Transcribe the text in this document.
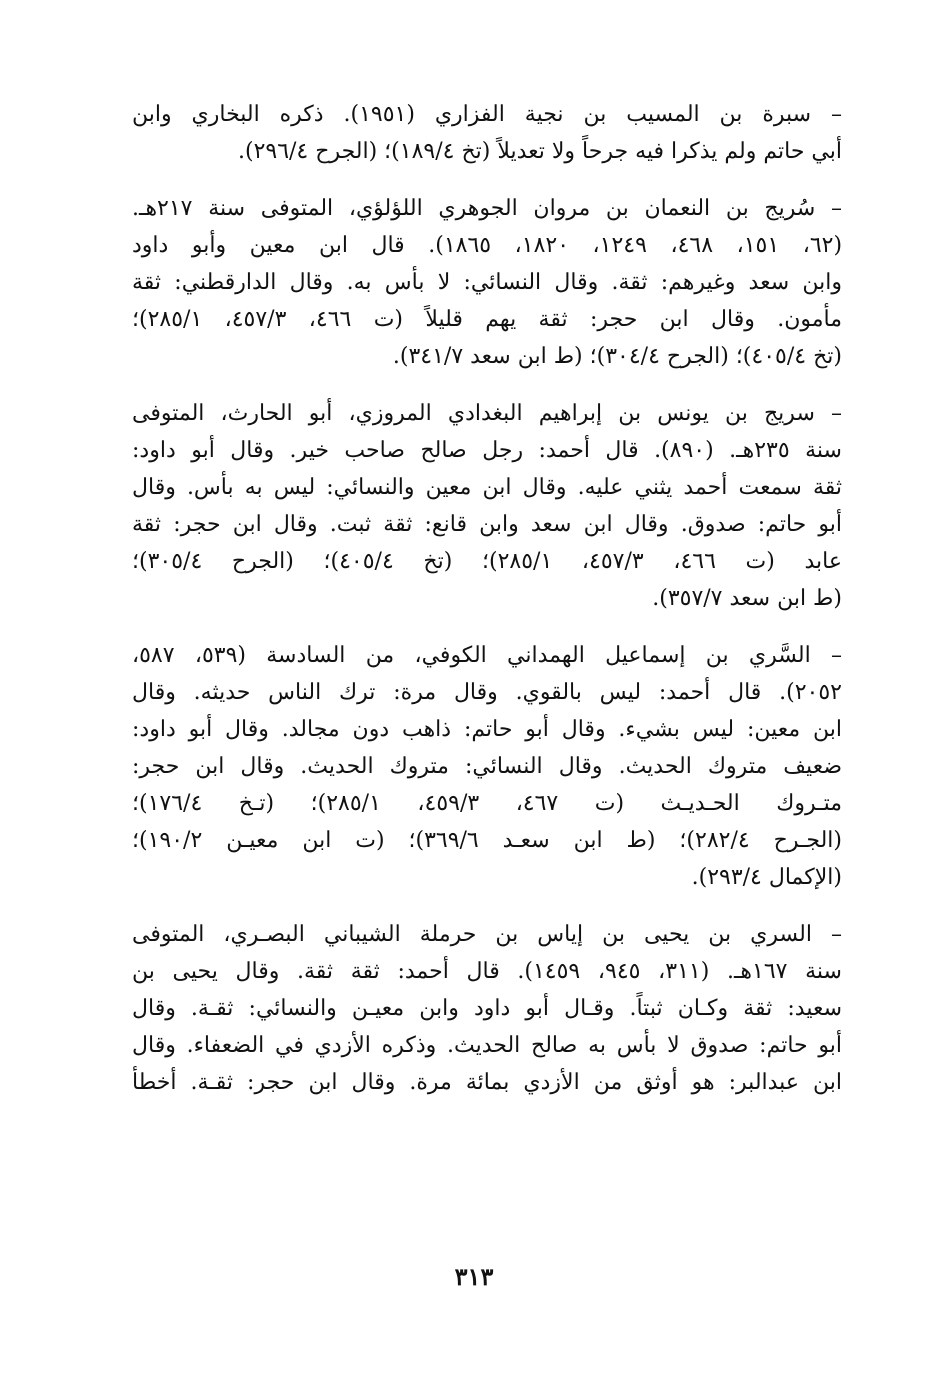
– سبرة بن المسيب بن نجية الفزاري (١٩٥١). ذكره البخاري وابن
أبي حاتم ولم يذكرا فيه جرحاً ولا تعديلاً (تخ ١٨٩/٤)؛ (الجرح ٢٩٦/٤).
– سُريج بن النعمان بن مروان الجوهري اللؤلؤي، المتوفى سنة ٢١٧هـ.
(٦٢، ١٥١، ٤٦٨، ١٢٤٩، ١٨٢٠، ١٨٦٥). قال ابن معين وأبو داود
وابن سعد وغيرهم: ثقة. وقال النسائي: لا بأس به. وقال الدارقطني: ثقة
مأمون. وقال ابن حجر: ثقة يهم قليلاً (ت ٤٦٦، ٤٥٧/٣، ٢٨٥/١)؛
(تخ ٤٠٥/٤)؛ (الجرح ٣٠٤/٤)؛ (ط ابن سعد ٣٤١/٧).
– سريج بن يونس بن إبراهيم البغدادي المروزي، أبو الحارث، المتوفى
سنة ٢٣٥هـ. (٨٩٠). قال أحمد: رجل صالح صاحب خير. وقال أبو داود:
ثقة سمعت أحمد يثني عليه. وقال ابن معين والنسائي: ليس به بأس. وقال
أبو حاتم: صدوق. وقال ابن سعد وابن قانع: ثقة ثبت. وقال ابن حجر: ثقة
عابد (ت ٤٦٦، ٤٥٧/٣، ٢٨٥/١)؛ (تخ ٤٠٥/٤)؛ (الجرح ٣٠٥/٤)؛
(ط ابن سعد ٣٥٧/٧).
– السَّري بن إسماعيل الهمداني الكوفي، من السادسة (٥٣٩، ٥٨٧،
٢٠٥٢). قال أحمد: ليس بالقوي. وقال مرة: ترك الناس حديثه. وقال
ابن معين: ليس بشيء. وقال أبو حاتم: ذاهب دون مجالد. وقال أبو داود:
ضعيف متروك الحديث. وقال النسائي: متروك الحديث. وقال ابن حجر:
متـروك الحـديـث (ت ٤٦٧، ٤٥٩/٣، ٢٨٥/١)؛ (تـخ ١٧٦/٤)؛
(الجـرح ٢٨٢/٤)؛ (ط ابن سعـد ٣٦٩/٦)؛ (ت ابن معيـن ١٩٠/٢)؛
(الإكمال ٢٩٣/٤).
– السري بن يحيى بن إياس بن حرملة الشيباني البصـري، المتوفى
سنة ١٦٧هـ. (٣١١، ٩٤٥، ١٤٥٩). قال أحمد: ثقة ثقة. وقال يحيى بن
سعيد: ثقة وكـان ثبتاً. وقـال أبو داود وابن معيـن والنسائي: ثقـة. وقال
أبو حاتم: صدوق لا بأس به صالح الحديث. وذكره الأزدي في الضعفاء. وقال
ابن عبدالبر: هو أوثق من الأزدي بمائة مرة. وقال ابن حجر: ثقـة. أخطأ
٣١٣
